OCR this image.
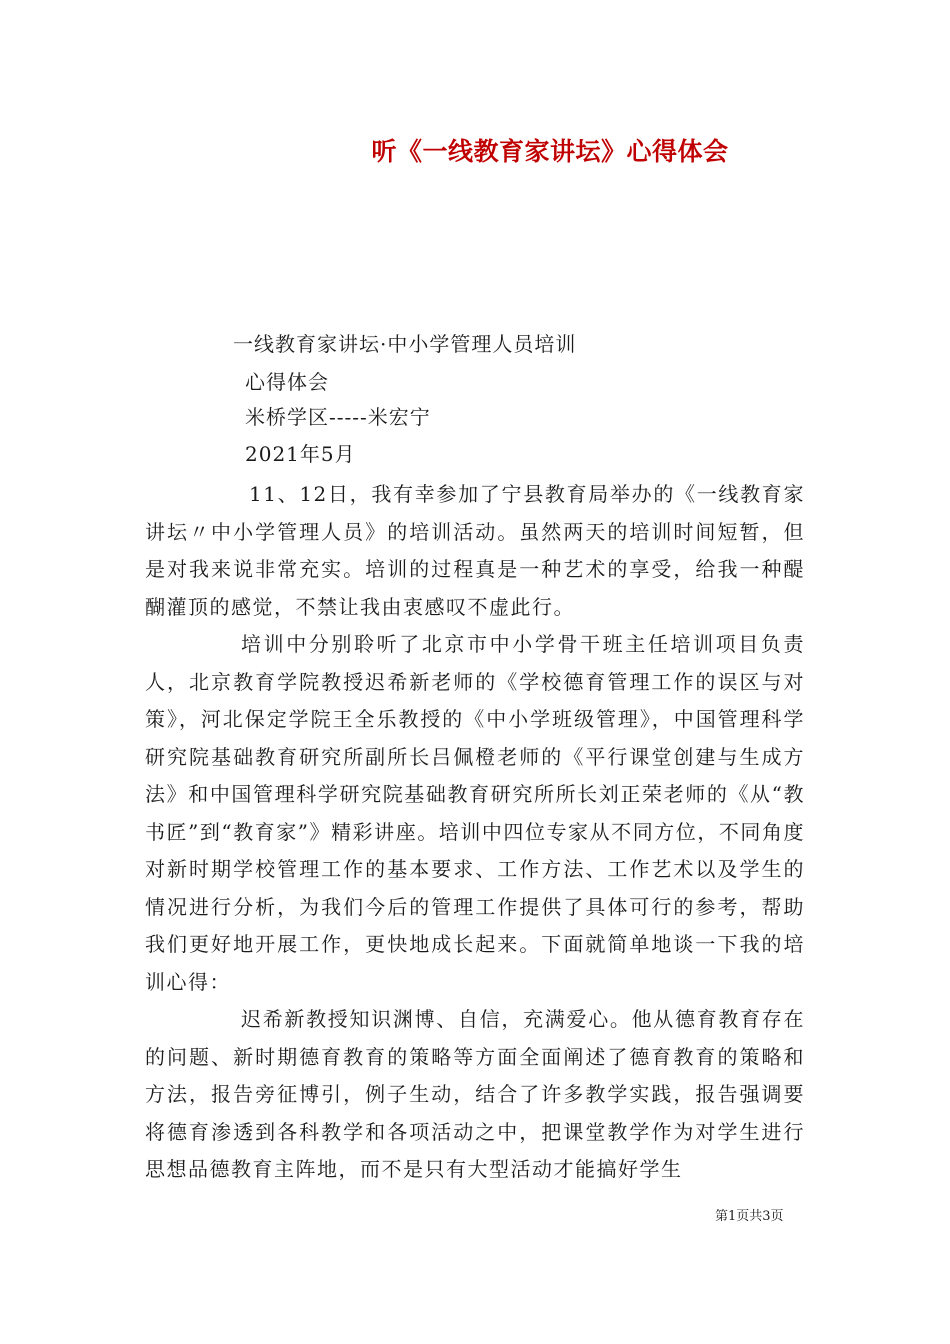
听《一线教育家讲坛》心得体会
一线教育家讲坛·中小学管理人员培训
心得体会
米桥学区-----米宏宁
2021年5月

11、12日，我有幸参加了宁县教育局举办的《一线教育家讲坛〃中小学管理人员》的培训活动。虽然两天的培训时间短暂，但是对我来说非常充实。培训的过程真是一种艺术的享受，给我一种醍醐灌顶的感觉，不禁让我由衷感叹不虚此行。

培训中分别聆听了北京市中小学骨干班主任培训项目负责人，北京教育学院教授迟希新老师的《学校德育管理工作的误区与对策》，河北保定学院王全乐教授的《中小学班级管理》，中国管理科学研究院基础教育研究所副所长吕佩橙老师的《平行课堂创建与生成方法》和中国管理科学研究院基础教育研究所所长刘正荣老师的《从“教书匠”到“教育家”》精彩讲座。培训中四位专家从不同方位，不同角度对新时期学校管理工作的基本要求、工作方法、工作艺术以及学生的情况进行分析，为我们今后的管理工作提供了具体可行的参考，帮助我们更好地开展工作，更快地成长起来。下面就简单地谈一下我的培训心得：

迟希新教授知识渊博、自信，充满爱心。他从德育教育存在的问题、新时期德育教育的策略等方面全面阐述了德育教育的策略和方法，报告旁征博引，例子生动，结合了许多教学实践，报告强调要将德育渗透到各科教学和各项活动之中，把课堂教学作为对学生进行思想品德教育主阵地，而不是只有大型活动才能搞好学生

第1页共3页
